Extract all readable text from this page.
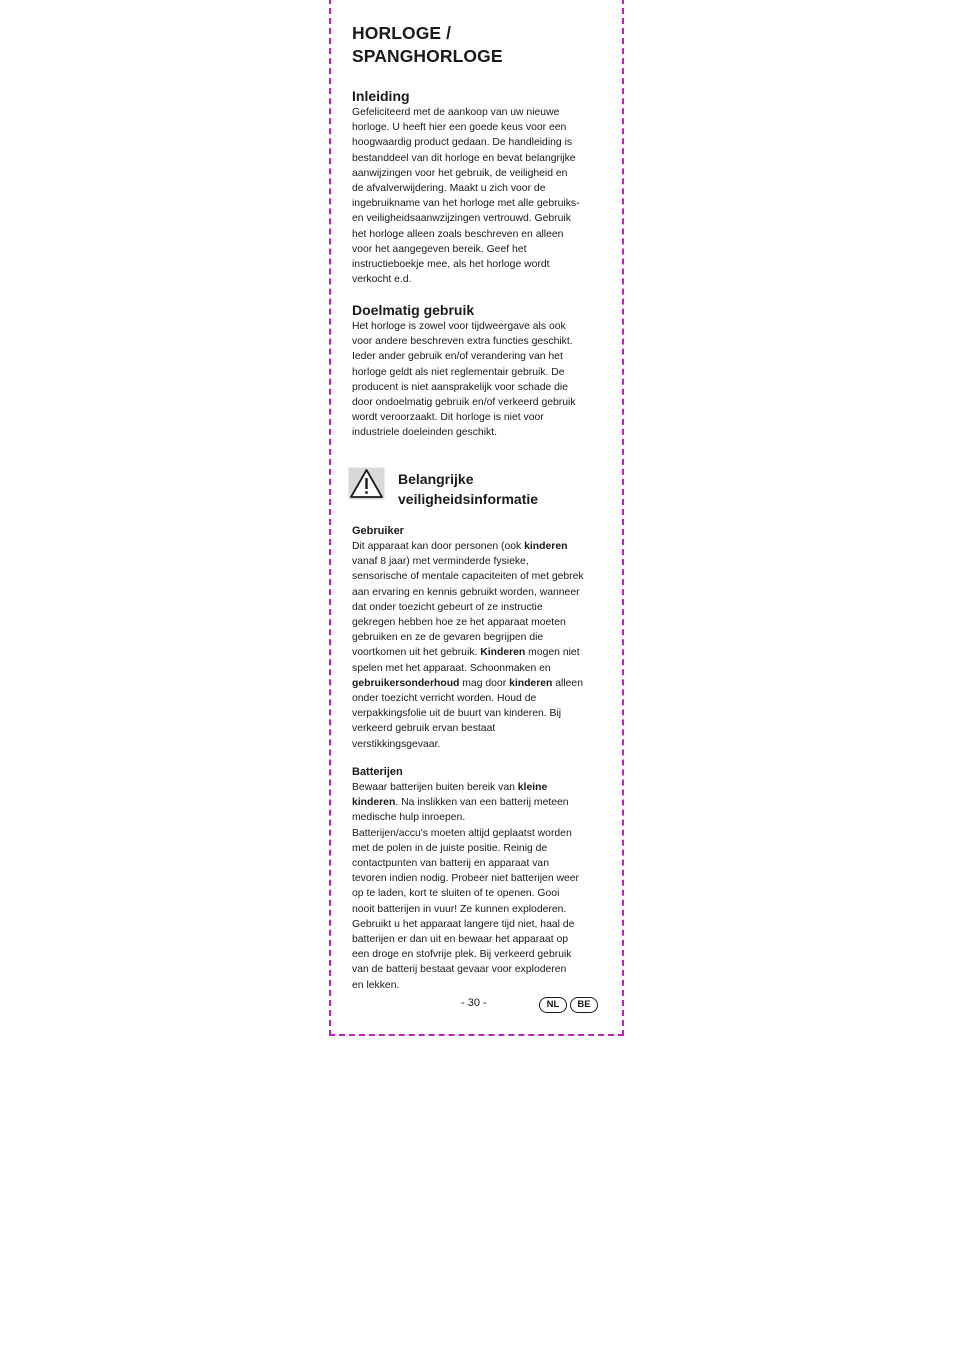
HORLOGE /
SPANGHORLOGE
Inleiding

Gefeliciteerd met de aankoop van uw nieuwe
horloge. U heeft hier een goede keus voor een
hoogwaardig product gedaan. De handleiding is
bestanddeel van dit horloge en bevat belangrijke
aanwijzingen voor het gebruik, de veiligheid en
de afvalverwijdering. Maakt u zich voor de
ingebruikname van het horloge met alle gebruiks-
en veiligheidsaanwzijzingen vertrouwd. Gebruik
het horloge alleen zoals beschreven en alleen
voor het aangegeven bereik. Geef het
instructieboekje mee, als het horloge wordt
verkocht e.d.

Doelmatig gebruik

Het horloge is zowel voor tijdweergave als ook
voor andere beschreven extra functies geschikt.
Ieder ander gebruik en/of verandering van het
horloge geldt als niet reglementair gebruik. De
producent is niet aansprakelijk voor schade die
door ondoelmatig gebruik en/of verkeerd gebruik
wordt veroorzaakt. Dit horloge is niet voor
industriele doeleinden geschikt.

Belangrijke
veiligheidsinformatie
Gebruiker

Dit apparaat kan door personen (ook kinderen
vanaf 8 jaar) met verminderde fysieke,
sensorische of mentale capaciteiten of met gebrek
aan ervaring en kennis gebruikt worden, wanneer
dat onder toezicht gebeurt of ze instructie
gekregen hebben hoe ze het apparaat moeten
gebruiken en ze de gevaren begrijpen die
voortkomen uit het gebruik. Kinderen mogen niet
spelen met het apparaat. Schoonmaken en
gebruikersonderhoud mag door kinderen alleen
onder toezicht verricht worden. Houd de
verpakkingsfolie uit de buurt van kinderen. Bij
verkeerd gebruik ervan bestaat
verstikkingsgevaar.

Batterijen

Bewaar batterijen buiten bereik van kleine
kinderen. Na inslikken van een batterij meteen
medische hulp inroepen.

Batterijen/accu's moeten altijd geplaatst worden
met de polen in de juiste positie. Reinig de
contactpunten van batterij en apparaat van
tevoren indien nodig. Probeer niet batterijen weer
op te laden, kort te sluiten of te openen. Gooi
nooit batterijen in vuur! Ze kunnen exploderen.
Gebruikt u het apparaat langere tijd niet, haal de
batterijen er dan uit en bewaar het apparaat op
een droge en stofvrije plek. Bij verkeerd gebruik
van de batterij bestaat gevaar voor exploderen
en lekken.

- 30 -	NL	BE
